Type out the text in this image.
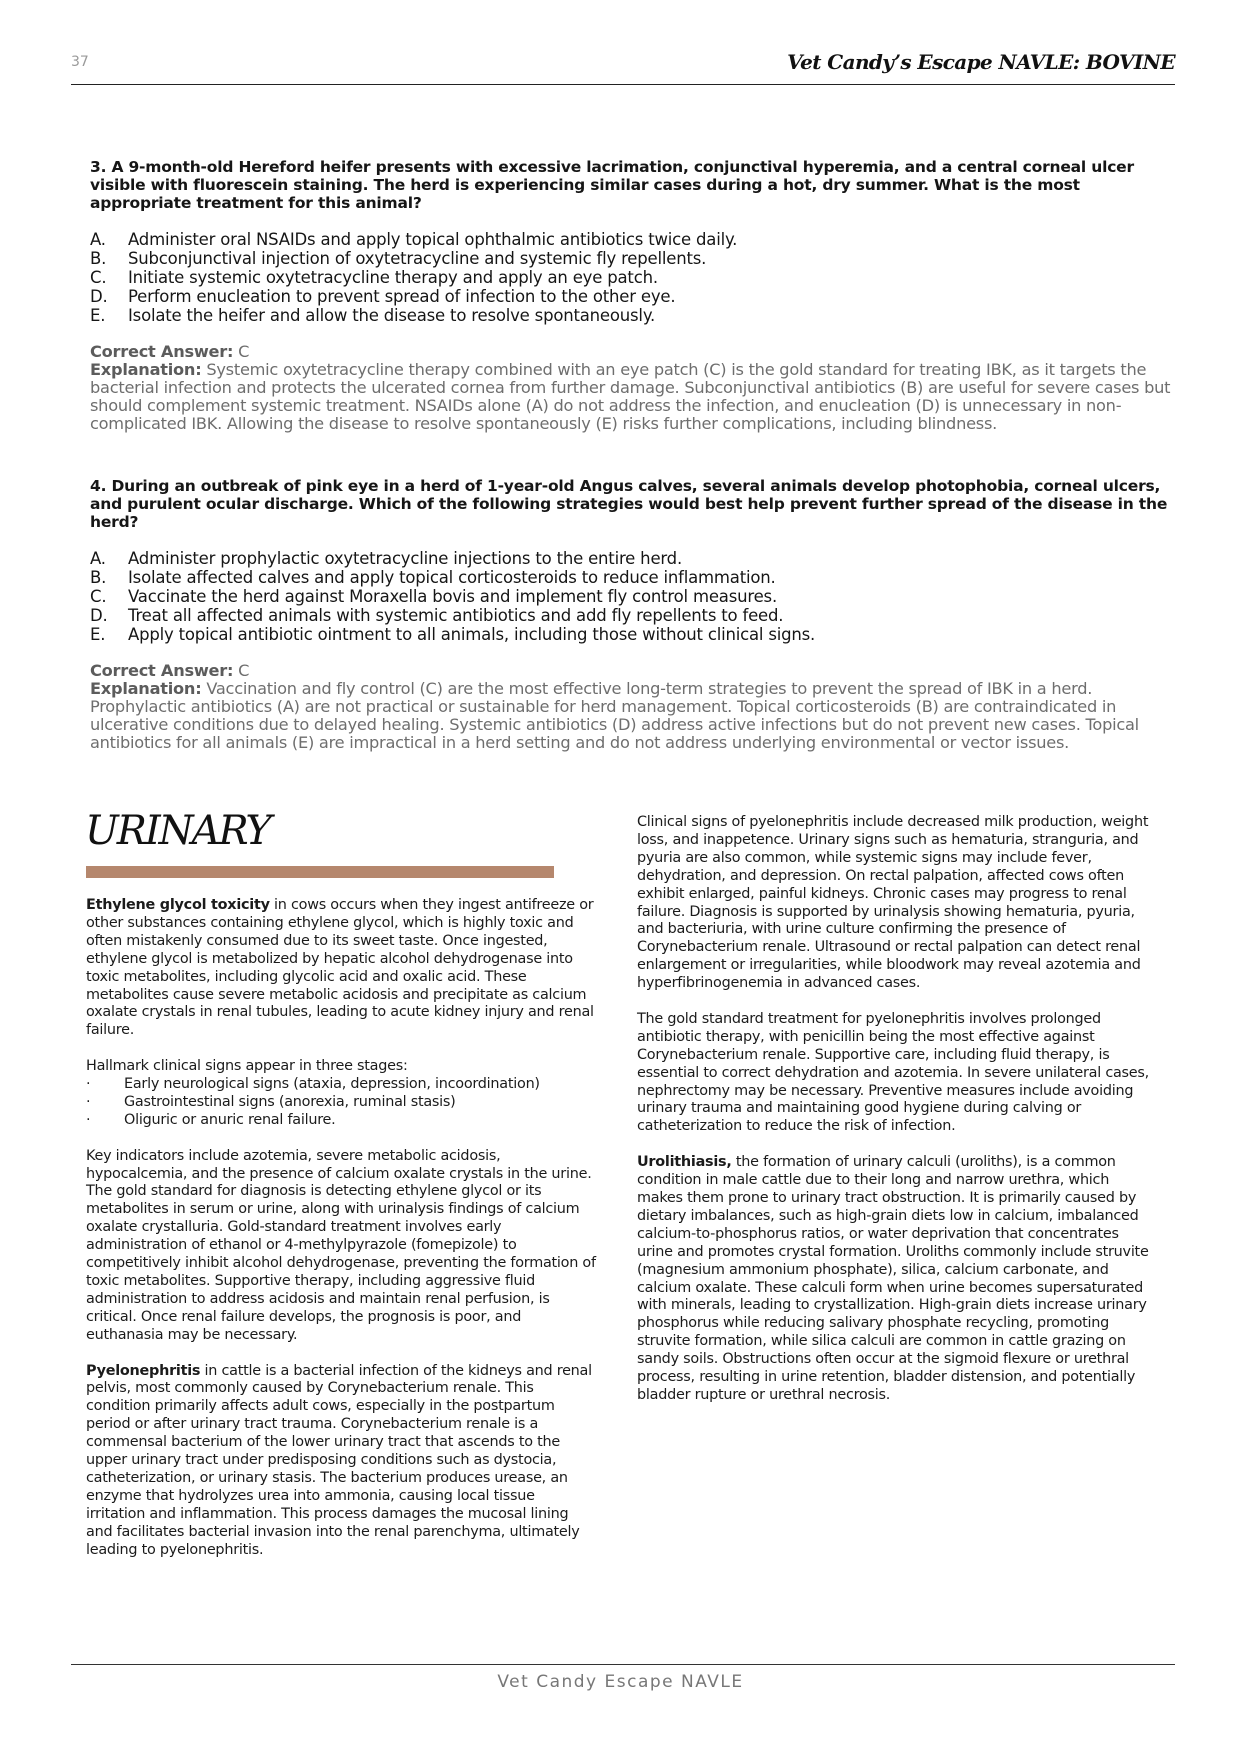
37	Vet Candy’s Escape NAVLE: BOVINE

3. A 9-month-old Hereford heifer presents with excessive lacrimation, conjunctival hyperemia, and a central corneal ulcer visible with fluorescein staining. The herd is experiencing similar cases during a hot, dry summer. What is the most appropriate treatment for this animal?

A.	Administer oral NSAIDs and apply topical ophthalmic antibiotics twice daily.
B.	Subconjunctival injection of oxytetracycline and systemic fly repellents.
C.	Initiate systemic oxytetracycline therapy and apply an eye patch.
D.	Perform enucleation to prevent spread of infection to the other eye.
E.	Isolate the heifer and allow the disease to resolve spontaneously.

Correct Answer: C

Explanation: Systemic oxytetracycline therapy combined with an eye patch (C) is the gold standard for treating IBK, as it targets the bacterial infection and protects the ulcerated cornea from further damage. Subconjunctival antibiotics (B) are useful for severe cases but should complement systemic treatment. NSAIDs alone (A) do not address the infection, and enucleation (D) is unnecessary in non-complicated IBK. Allowing the disease to resolve spontaneously (E) risks further complications, including blindness.

4. During an outbreak of pink eye in a herd of 1-year-old Angus calves, several animals develop photophobia, corneal ulcers, and purulent ocular discharge. Which of the following strategies would best help prevent further spread of the disease in the herd?

A.	Administer prophylactic oxytetracycline injections to the entire herd.
B.	Isolate affected calves and apply topical corticosteroids to reduce inflammation.
C.	Vaccinate the herd against Moraxella bovis and implement fly control measures.
D.	Treat all affected animals with systemic antibiotics and add fly repellents to feed.
E.	Apply topical antibiotic ointment to all animals, including those without clinical signs.

Correct Answer: C

Explanation: Vaccination and fly control (C) are the most effective long-term strategies to prevent the spread of IBK in a herd. Prophylactic antibiotics (A) are not practical or sustainable for herd management. Topical corticosteroids (B) are contraindicated in ulcerative conditions due to delayed healing. Systemic antibiotics (D) address active infections but do not prevent new cases. Topical antibiotics for all animals (E) are impractical in a herd setting and do not address underlying environmental or vector issues.

URINARY

Ethylene glycol toxicity in cows occurs when they ingest antifreeze or other substances containing ethylene glycol, which is highly toxic and often mistakenly consumed due to its sweet taste. Once ingested, ethylene glycol is metabolized by hepatic alcohol dehydrogenase into toxic metabolites, including glycolic acid and oxalic acid. These metabolites cause severe metabolic acidosis and precipitate as calcium oxalate crystals in renal tubules, leading to acute kidney injury and renal failure.

Hallmark clinical signs appear in three stages:
·	Early neurological signs (ataxia, depression, incoordination)
·	Gastrointestinal signs (anorexia, ruminal stasis)
·	Oliguric or anuric renal failure.

Key indicators include azotemia, severe metabolic acidosis, hypocalcemia, and the presence of calcium oxalate crystals in the urine. The gold standard for diagnosis is detecting ethylene glycol or its metabolites in serum or urine, along with urinalysis findings of calcium oxalate crystalluria. Gold-standard treatment involves early administration of ethanol or 4-methylpyrazole (fomepizole) to competitively inhibit alcohol dehydrogenase, preventing the formation of toxic metabolites. Supportive therapy, including aggressive fluid administration to address acidosis and maintain renal perfusion, is critical. Once renal failure develops, the prognosis is poor, and euthanasia may be necessary.

Pyelonephritis in cattle is a bacterial infection of the kidneys and renal pelvis, most commonly caused by Corynebacterium renale. This condition primarily affects adult cows, especially in the postpartum period or after urinary tract trauma. Corynebacterium renale is a commensal bacterium of the lower urinary tract that ascends to the upper urinary tract under predisposing conditions such as dystocia, catheterization, or urinary stasis. The bacterium produces urease, an enzyme that hydrolyzes urea into ammonia, causing local tissue irritation and inflammation. This process damages the mucosal lining and facilitates bacterial invasion into the renal parenchyma, ultimately leading to pyelonephritis.

Clinical signs of pyelonephritis include decreased milk production, weight loss, and inappetence. Urinary signs such as hematuria, stranguria, and pyuria are also common, while systemic signs may include fever, dehydration, and depression. On rectal palpation, affected cows often exhibit enlarged, painful kidneys. Chronic cases may progress to renal failure. Diagnosis is supported by urinalysis showing hematuria, pyuria, and bacteriuria, with urine culture confirming the presence of Corynebacterium renale. Ultrasound or rectal palpation can detect renal enlargement or irregularities, while bloodwork may reveal azotemia and hyperfibrinogenemia in advanced cases.

The gold standard treatment for pyelonephritis involves prolonged antibiotic therapy, with penicillin being the most effective against Corynebacterium renale. Supportive care, including fluid therapy, is essential to correct dehydration and azotemia. In severe unilateral cases, nephrectomy may be necessary. Preventive measures include avoiding urinary trauma and maintaining good hygiene during calving or catheterization to reduce the risk of infection.

Urolithiasis, the formation of urinary calculi (uroliths), is a common condition in male cattle due to their long and narrow urethra, which makes them prone to urinary tract obstruction. It is primarily caused by dietary imbalances, such as high-grain diets low in calcium, imbalanced calcium-to-phosphorus ratios, or water deprivation that concentrates urine and promotes crystal formation. Uroliths commonly include struvite (magnesium ammonium phosphate), silica, calcium carbonate, and calcium oxalate. These calculi form when urine becomes supersaturated with minerals, leading to crystallization. High-grain diets increase urinary phosphorus while reducing salivary phosphate recycling, promoting struvite formation, while silica calculi are common in cattle grazing on sandy soils. Obstructions often occur at the sigmoid flexure or urethral process, resulting in urine retention, bladder distension, and potentially bladder rupture or urethral necrosis.

Vet Candy Escape NAVLE
